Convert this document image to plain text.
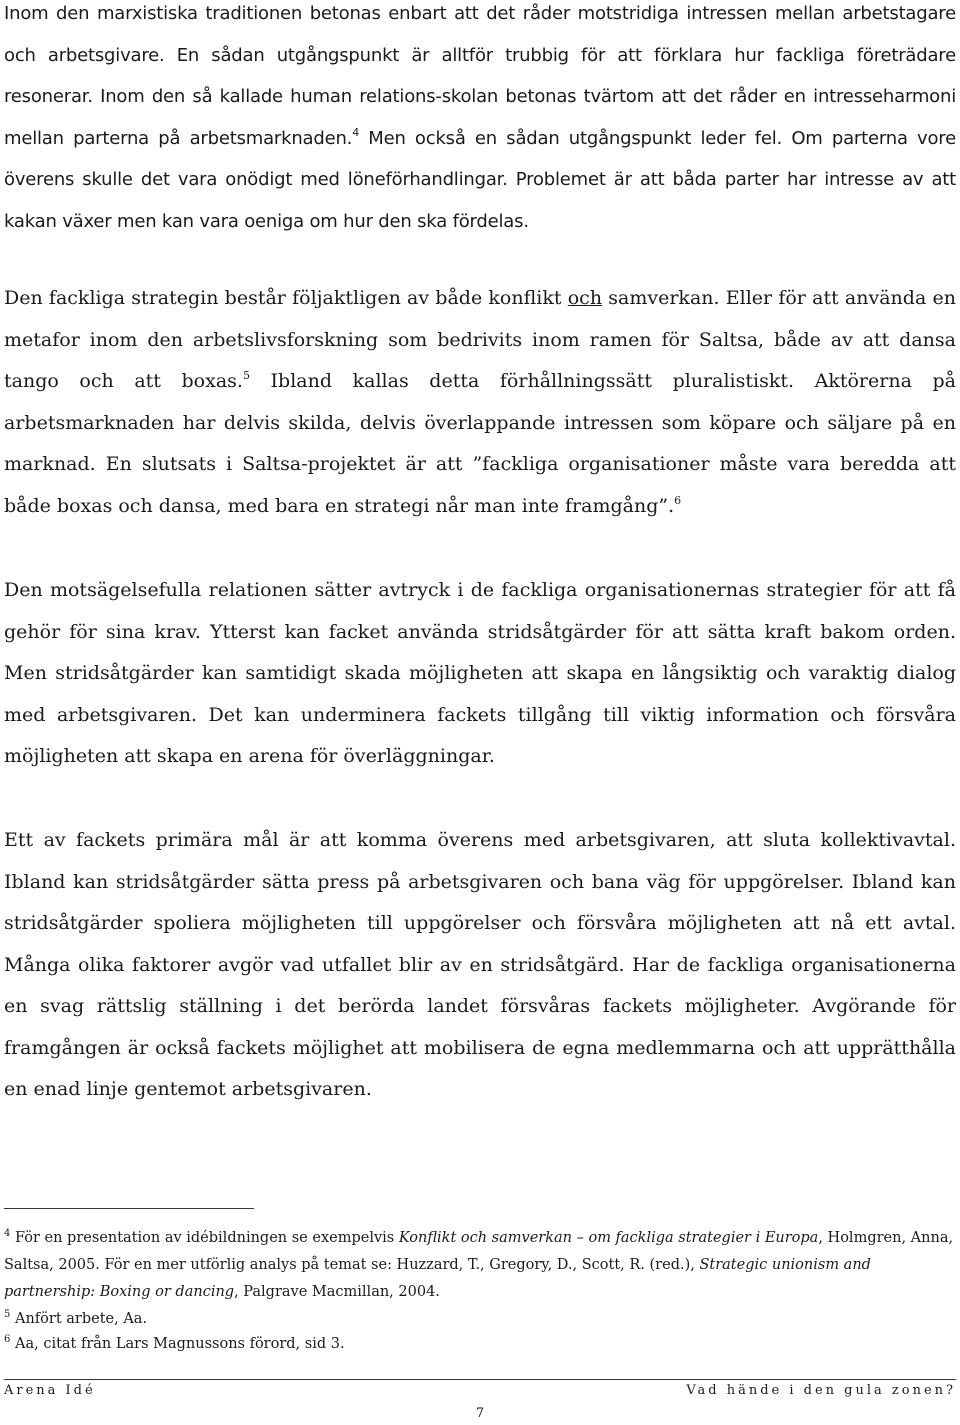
Inom den marxistiska traditionen betonas enbart att det råder motstridiga intressen mellan arbetstagare och arbetsgivare. En sådan utgångspunkt är alltför trubbig för att förklara hur fackliga företrädare resonerar. Inom den så kallade human relations-skolan betonas tvärtom att det råder en intresseharmoni mellan parterna på arbetsmarknaden.$^4$ Men också en sådan utgångspunkt leder fel. Om parterna vore överens skulle det vara onödigt med löneförhandlingar. Problemet är att båda parter har intresse av att kakan växer men kan vara oeniga om hur den ska fördelas.

Den fackliga strategin består följaktligen av både konflikt och samverkan. Eller för att använda en metafor inom den arbetslivsforskning som bedrivits inom ramen för Saltsa, både av att dansa tango och att boxas.$^5$ Ibland kallas detta förhållningssätt pluralistiskt. Aktörerna på arbetsmarknaden har delvis skilda, delvis överlappande intressen som köpare och säljare på en marknad. En slutsats i Saltsa-projektet är att ”fackliga organisationer måste vara beredda att både boxas och dansa, med bara en strategi når man inte framgång”.$^6$

Den motsägelsefulla relationen sätter avtryck i de fackliga organisationernas strategier för att få gehör för sina krav. Ytterst kan facket använda stridsåtgärder för att sätta kraft bakom orden. Men stridsåtgärder kan samtidigt skada möjligheten att skapa en långsiktig och varaktig dialog med arbetsgivaren. Det kan underminera fackets tillgång till viktig information och försvåra möjligheten att skapa en arena för överläggningar.

Ett av fackets primära mål är att komma överens med arbetsgivaren, att sluta kollektivavtal. Ibland kan stridsåtgärder sätta press på arbetsgivaren och bana väg för uppgörelser. Ibland kan stridsåtgärder spoliera möjligheten till uppgörelser och försvåra möjligheten att nå ett avtal. Många olika faktorer avgör vad utfallet blir av en stridsåtgärd. Har de fackliga organisationerna en svag rättslig ställning i det berörda landet försvåras fackets möjligheter. Avgörande för framgången är också fackets möjlighet att mobilisera de egna medlemmarna och att upprätthålla en enad linje gentemot arbetsgivaren.

$^4$ För en presentation av idébildningen se exempelvis Konflikt och samverkan – om fackliga strategier i Europa, Holmgren, Anna, Saltsa, 2005. För en mer utförlig analys på temat se: Huzzard, T., Gregory, D., Scott, R. (red.), Strategic unionism and partnership: Boxing or dancing, Palgrave Macmillan, 2004.

$^5$ Anfört arbete, Aa.

$^6$ Aa, citat från Lars Magnussons förord, sid 3.

Arena Idé	Vad hände i den gula zonen?
7
